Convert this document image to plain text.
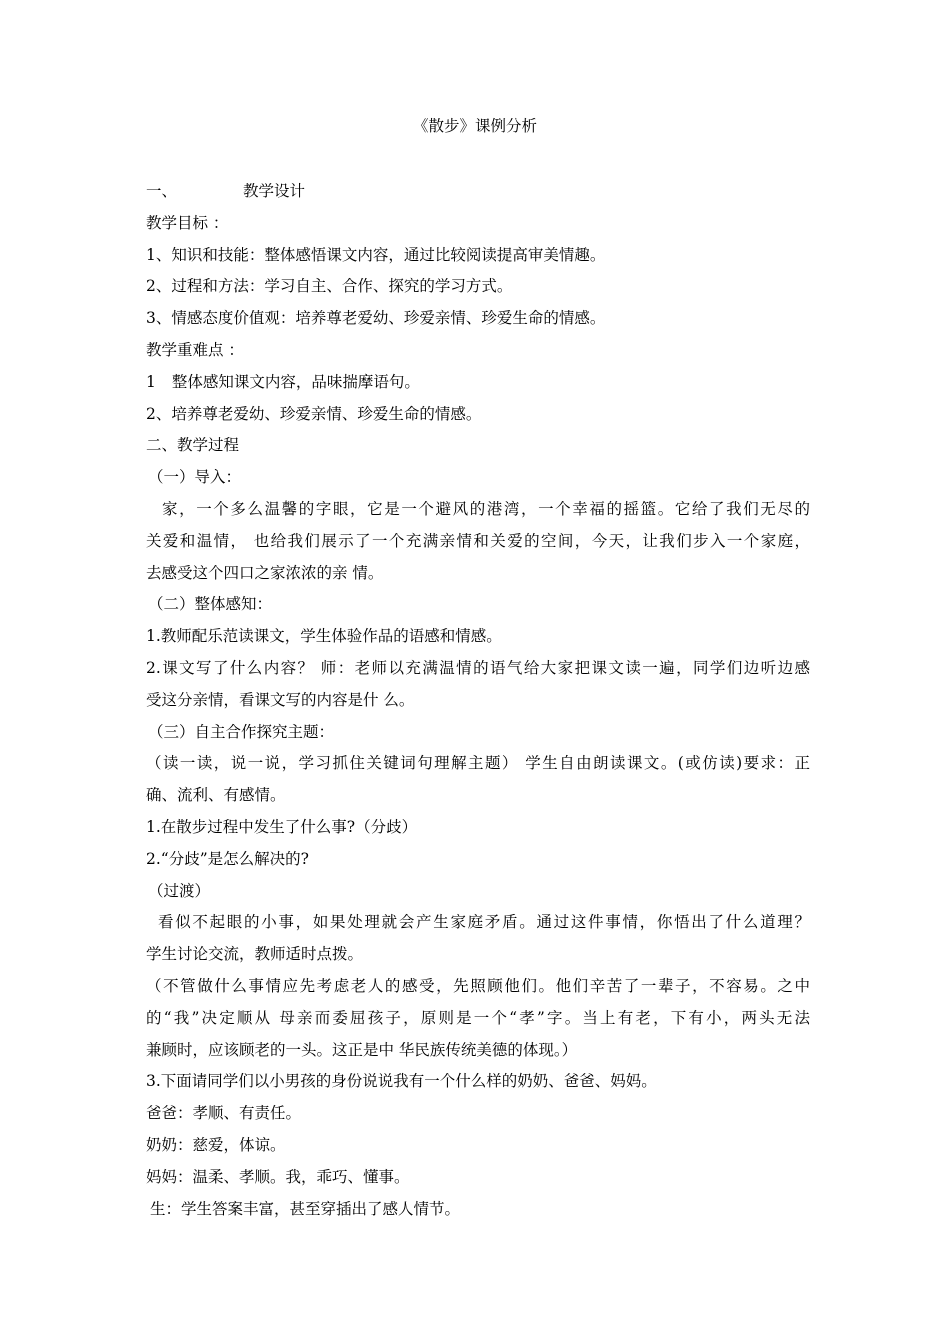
《散步》课例分析
一、	教学设计
教学目标 ：
1、知识和技能：整体感悟课文内容，通过比较阅读提高审美情趣。
2、过程和方法：学习自主、合作、探究的学习方式。
3、情感态度价值观：培养尊老爱幼、珍爱亲情、珍爱生命的情感。
教学重难点 ：
1 整体感知课文内容，品味揣摩语句。
2、培养尊老爱幼、珍爱亲情、珍爱生命的情感。
二、教学过程
（一）导入：
家，一个多么温馨的字眼，它是一个避风的港湾，一个幸福的摇篮。它给了我们无尽的
关爱和温情， 也给我们展示了一个充满亲情和关爱的空间，今天，让我们步入一个家庭，
去感受这个四口之家浓浓的亲 情。
（二）整体感知：
1.教师配乐范读课文，学生体验作品的语感和情感。
2.课文写了什么内容？ 师：老师以充满温情的语气给大家把课文读一遍，同学们边听边感
受这分亲情，看课文写的内容是什 么。
（三）自主合作探究主题：
（读一读，说一说，学习抓住关键词句理解主题） 学生自由朗读课文。(或仿读)要求：正
确、流利、有感情。
1.在散步过程中发生了什么事?（分歧）
2.“分歧”是怎么解决的?
（过渡）
看似不起眼的小事，如果处理就会产生家庭矛盾。通过这件事情，你悟出了什么道理？
学生讨论交流，教师适时点拨。
（不管做什么事情应先考虑老人的感受，先照顾他们。他们辛苦了一辈子，不容易。之中
的“我”决定顺从 母亲而委屈孩子，原则是一个“孝”字。当上有老，下有小，两头无法
兼顾时，应该顾老的一头。这正是中 华民族传统美德的体现。）
3.下面请同学们以小男孩的身份说说我有一个什么样的奶奶、爸爸、妈妈。
爸爸：孝顺、有责任。
奶奶：慈爱，体谅。
妈妈：温柔、孝顺。我，乖巧、懂事。
生：学生答案丰富，甚至穿插出了感人情节。
